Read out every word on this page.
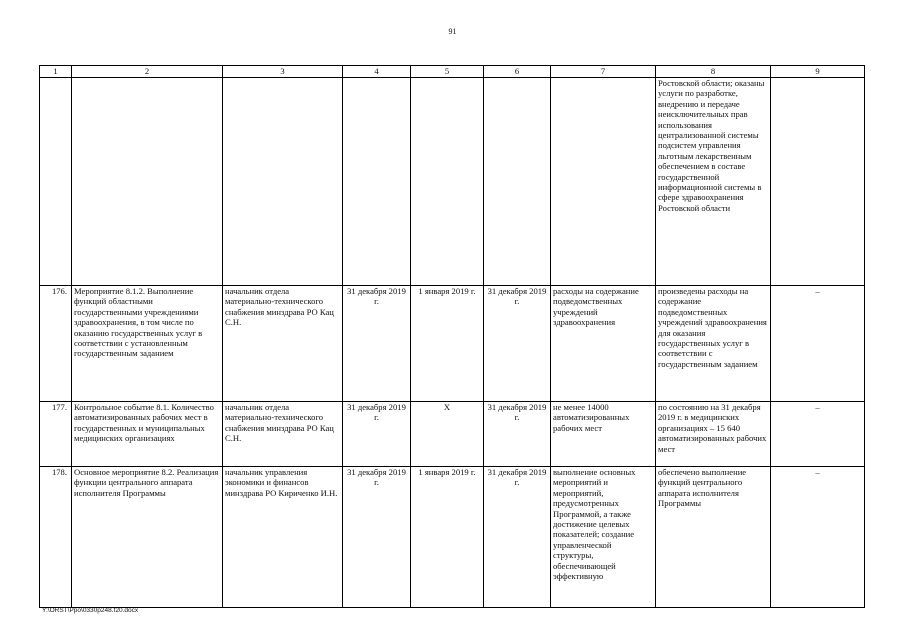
91
1	2	3	4	5	6	7	8	9
							Ростовской области; оказаны услуги по разработке, внедрению и передаче неисключительных прав использования централизованной системы подсистем управления льготным лекарственным обеспечением в составе государственной информационной системы в сфере здравоохранения Ростовской области	
176.	Мероприятие 8.1.2. Выполнение функций областными государственными учреждениями здравоохранения, в том числе по оказанию государственных услуг в соответствии с установленным государственным заданием	начальник отдела материально-технического снабжения минздрава РО Кац С.Н.	31 декабря 2019 г.	1 января 2019 г.	31 декабря 2019 г.	расходы на содержание подведомственных учреждений здравоохранения	произведены расходы на содержание подведомственных учреждений здравоохранения для оказания государственных услуг в соответствии с государственным заданием	–
177.	Контрольное событие 8.1. Количество автоматизированных рабочих мест в государственных и муниципальных медицинских организациях	начальник отдела материально-технического снабжения минздрава РО Кац С.Н.	31 декабря 2019 г.	Х	31 декабря 2019 г.	не менее 14000 автоматизированных рабочих мест	по состоянию на 31 декабря 2019 г. в медицинских организациях – 15 640 автоматизированных рабочих мест	–
178.	Основное мероприятие 8.2. Реализация функции центрального аппарата исполнителя Программы	начальник управления экономики и финансов минздрава РО Кириченко И.Н.	31 декабря 2019 г.	1 января 2019 г.	31 декабря 2019 г.	выполнение основных мероприятий и мероприятий, предусмотренных Программой, а также достижение целевых показателей; создание управленческой структуры, обеспечивающей эффективную	обеспечено выполнение функций центрального аппарата исполнителя Программы	–
Y:\ORST\Ppo\0330p248.f20.docx
